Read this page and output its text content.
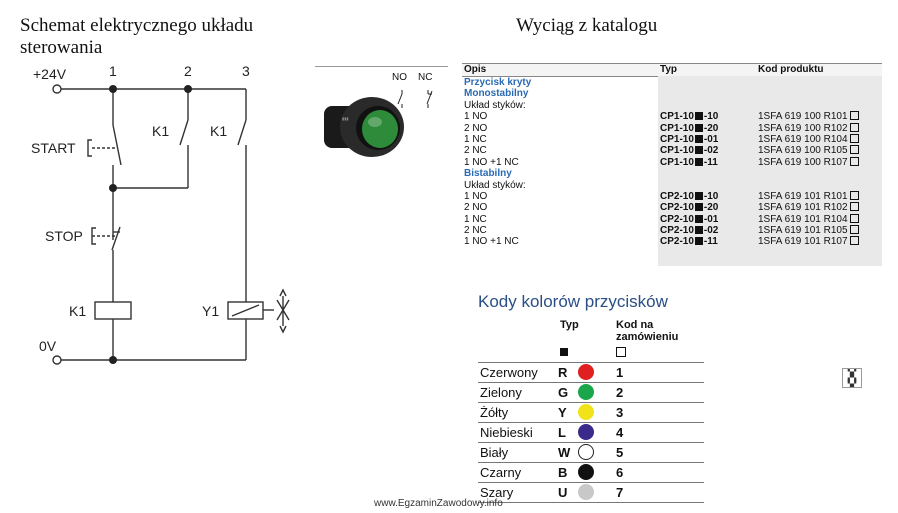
Schemat elektrycznego układu sterowania
Wyciąg z katalogu
+24V
0V
1	2	3
START
STOP
K1	K1
K1	Y1
▮▮▮
NO NC
Opis	Typ	Kod produktu
Przycisk kryty
Monostabilny
Układ styków:
1 NO	CP1-10 -10	1SFA 619 100 R101
2 NO	CP1-10 -20	1SFA 619 100 R102
1 NC	CP1-10 -01	1SFA 619 100 R104
2 NC	CP1-10 -02	1SFA 619 100 R105
1 NO +1 NC	CP1-10 -11	1SFA 619 100 R107
Bistabilny
Układ styków:
1 NO	CP2-10 -10	1SFA 619 101 R101
2 NO	CP2-10 -20	1SFA 619 101 R102
1 NC	CP2-10 -01	1SFA 619 101 R104
2 NC	CP2-10 -02	1SFA 619 101 R105
1 NO +1 NC	CP2-10 -11	1SFA 619 101 R107
Kody kolorów przycisków
Typ	Kod na zamówieniu
Czerwony R	1
Zielony	G	2
Żółty	Y	3
Niebieski L	4
Biały	W	5
Czarny	B	6
Szary	U	7
▚▞
▞▚
▚▞
www.EgzaminZawodowy.info
